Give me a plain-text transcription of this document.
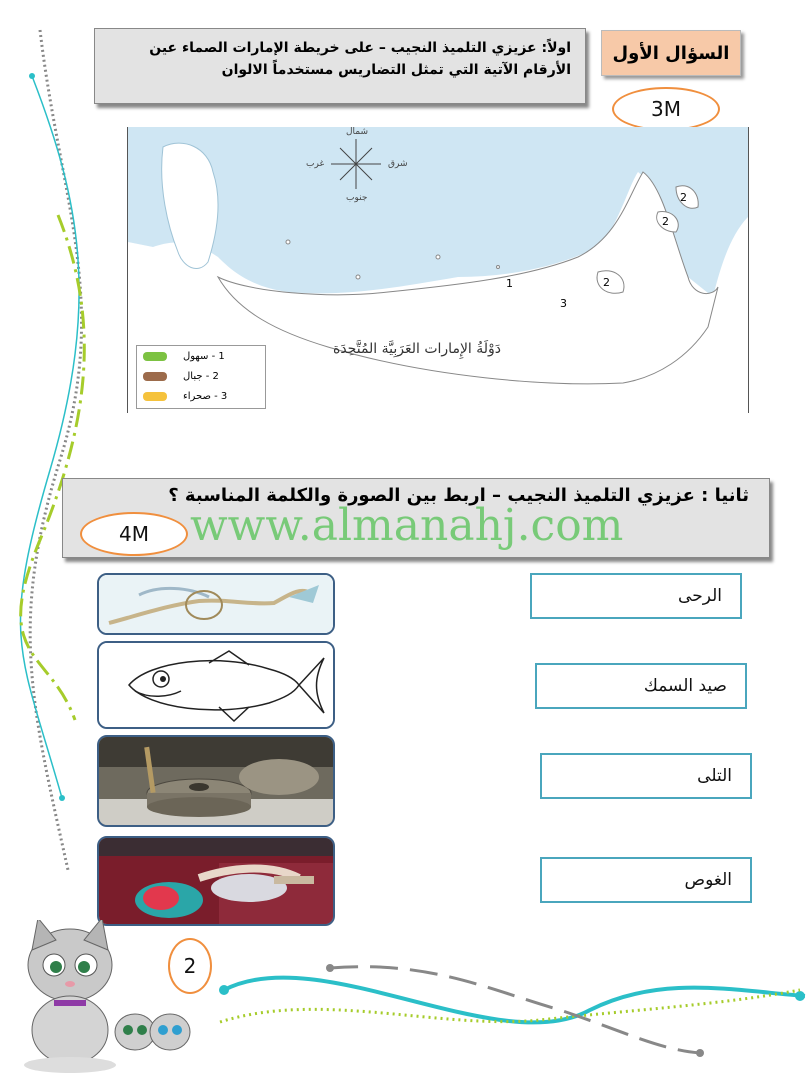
السؤال الأول
اولاً: عزيزي التلميذ النجيب – على خريطة الإمارات الصماء عين
الأرقام الآتية التي تمثل التضاريس مستخدماً الالوان
3M
شمال
جنوب
شرق
غرب
1
2
2
2
3
دَوْلَةُ الإِمارات العَرَبِيَّة المُتَّحِدَة
1 - سهول
2 - جبال
3 - صحراء
ثانيا : عزيزي التلميذ النجيب – اربط بين الصورة والكلمة المناسبة ؟
www.almanahj.com
4M
الرحى
صيد السمك
التلى
الغوص
2
